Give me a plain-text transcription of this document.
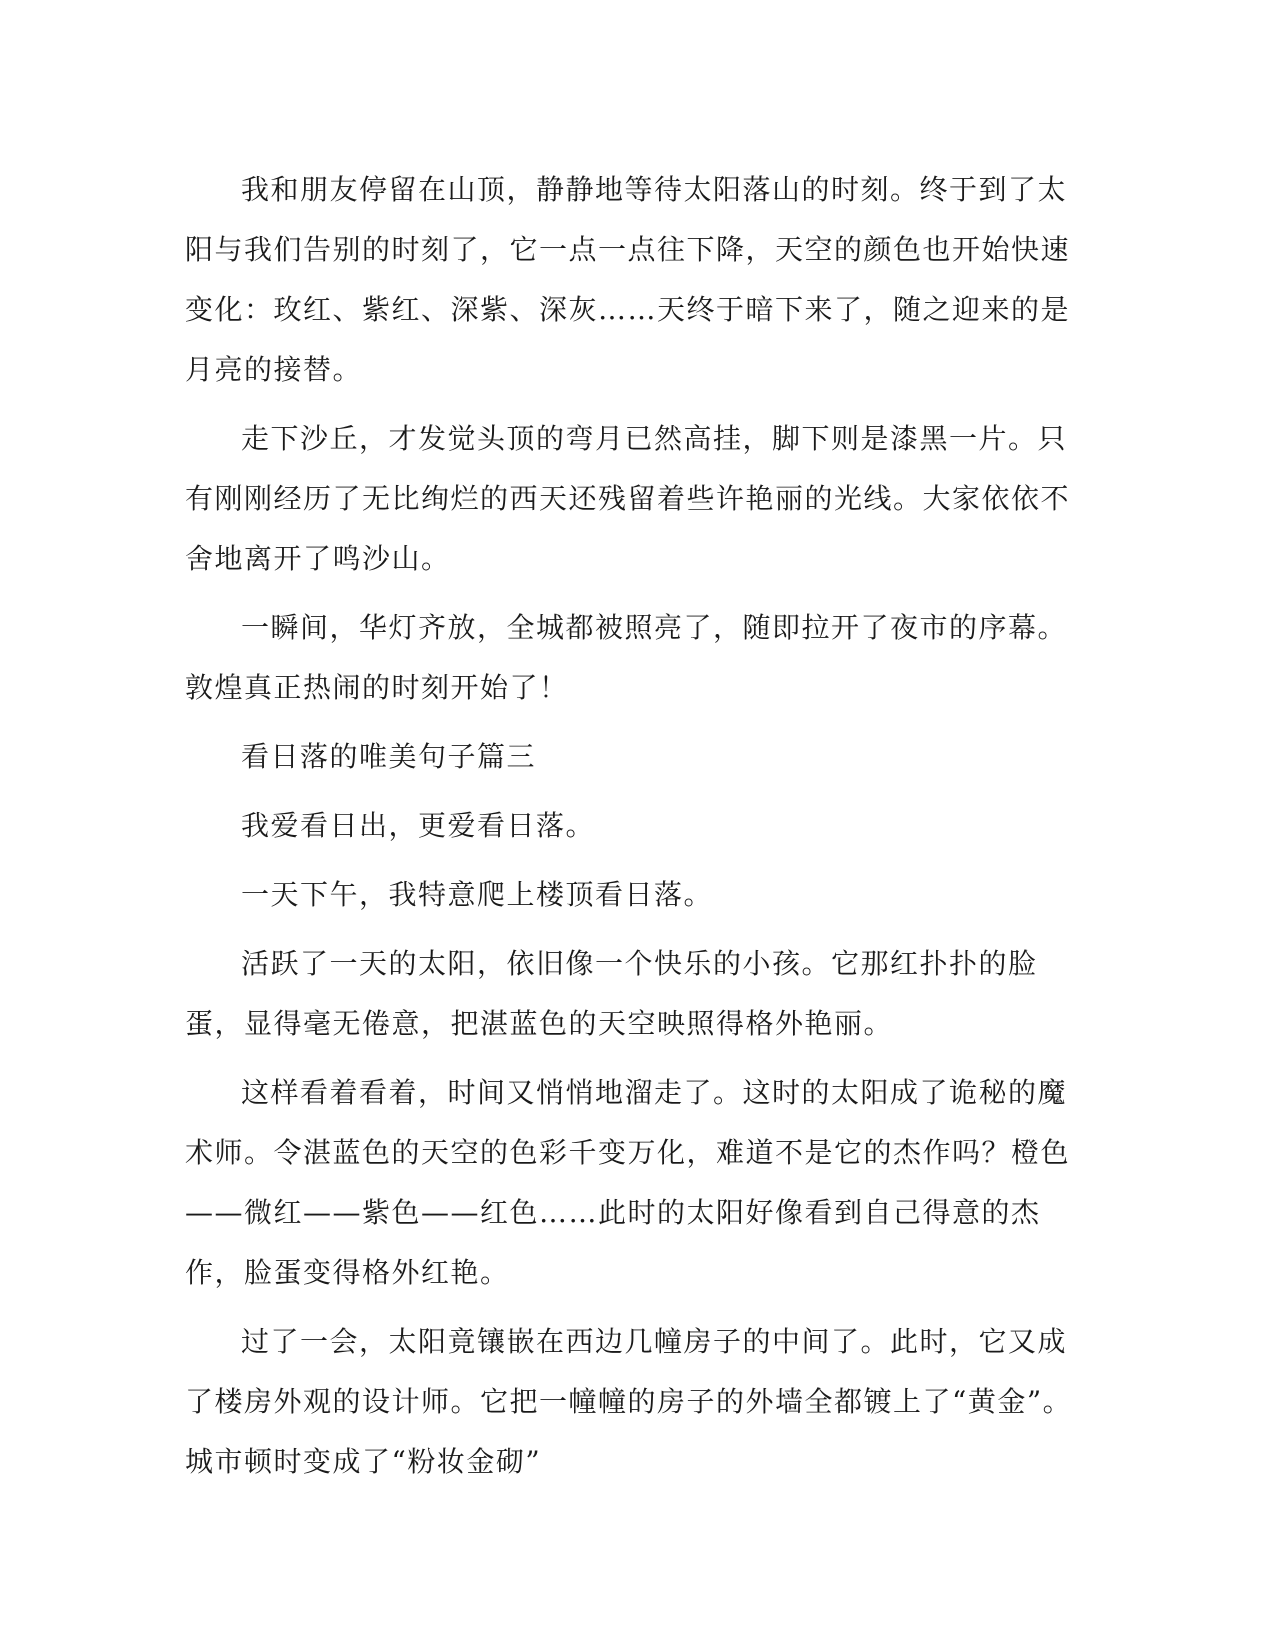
我和朋友停留在山顶，静静地等待太阳落山的时刻。终于到了太阳与我们告别的时刻了，它一点一点往下降，天空的颜色也开始快速变化：玫红、紫红、深紫、深灰……天终于暗下来了，随之迎来的是月亮的接替。

走下沙丘，才发觉头顶的弯月已然高挂，脚下则是漆黑一片。只有刚刚经历了无比绚烂的西天还残留着些许艳丽的光线。大家依依不舍地离开了鸣沙山。

一瞬间，华灯齐放，全城都被照亮了，随即拉开了夜市的序幕。敦煌真正热闹的时刻开始了！

看日落的唯美句子篇三

我爱看日出，更爱看日落。

一天下午，我特意爬上楼顶看日落。

活跃了一天的太阳，依旧像一个快乐的小孩。它那红扑扑的脸蛋，显得毫无倦意，把湛蓝色的天空映照得格外艳丽。

这样看着看着，时间又悄悄地溜走了。这时的太阳成了诡秘的魔术师。令湛蓝色的天空的色彩千变万化，难道不是它的杰作吗？橙色——微红——紫色——红色……此时的太阳好像看到自己得意的杰作，脸蛋变得格外红艳。

过了一会，太阳竟镶嵌在西边几幢房子的中间了。此时，它又成了楼房外观的设计师。它把一幢幢的房子的外墙全都镀上了“黄金”。城市顿时变成了“粉妆金砌”
